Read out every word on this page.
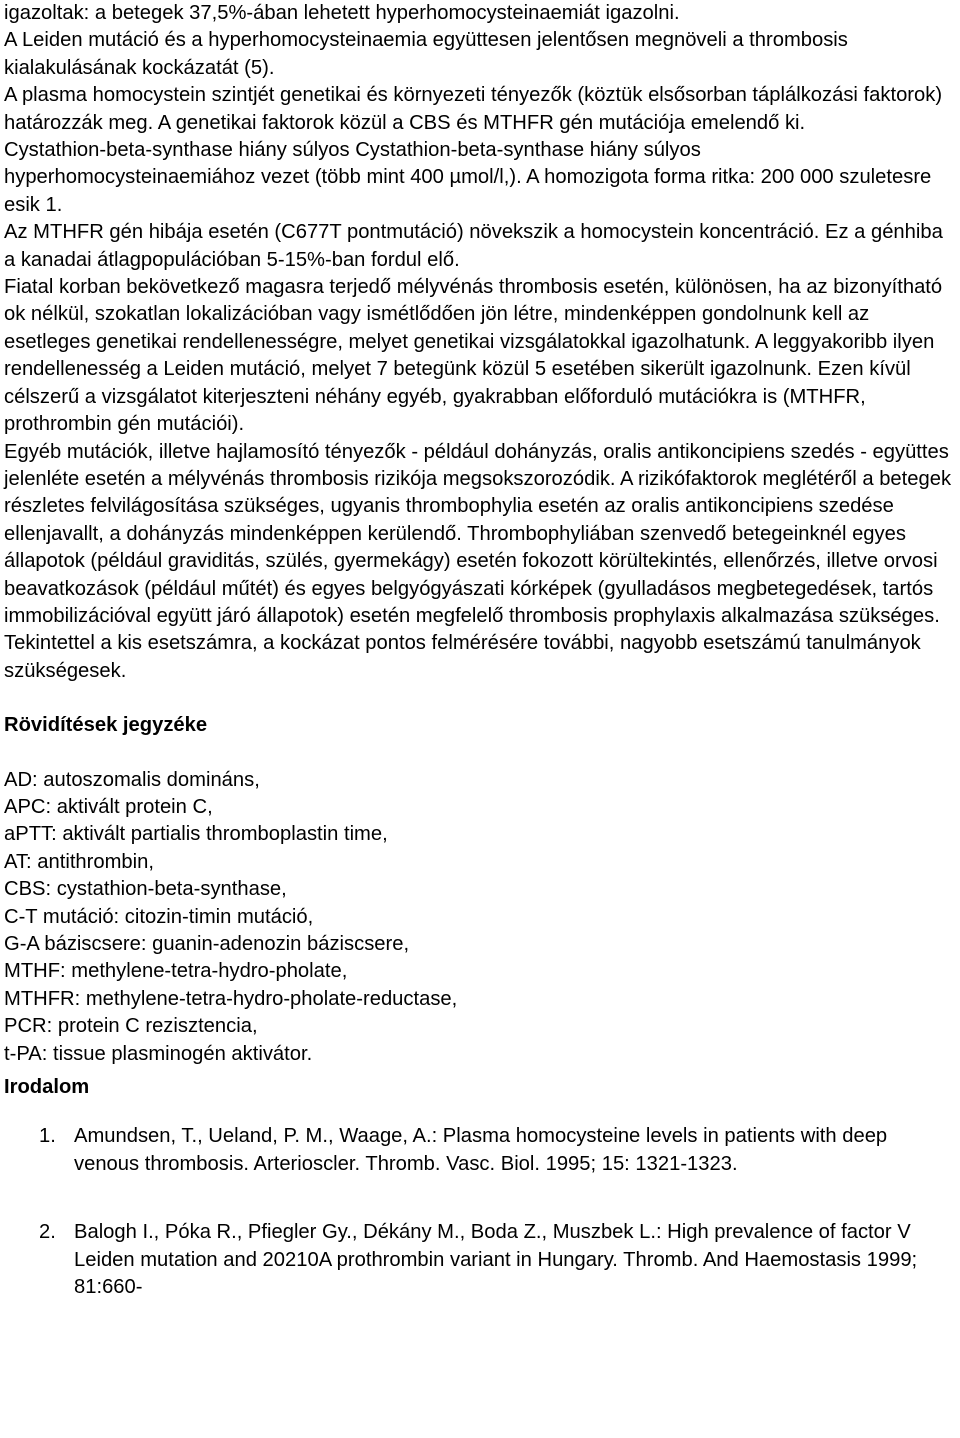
igazoltak: a betegek 37,5%-ában lehetett hyperhomocysteinaemiát igazolni.

A Leiden mutáció és a hyperhomocysteinaemia együttesen jelentősen megnöveli a thrombosis kialakulásának kockázatát (5).

A plasma homocystein szintjét genetikai és környezeti tényezők (köztük elsősorban táplálkozási faktorok) határozzák meg. A genetikai faktorok közül a CBS és MTHFR gén mutációja emelendő ki.

Cystathion-beta-synthase hiány súlyos Cystathion-beta-synthase hiány súlyos hyperhomocysteinaemiához vezet (több mint 400 µmol/l,). A homozigota forma ritka: 200 000 szuletesre esik 1.

Az MTHFR gén hibája esetén (C677T pontmutáció) növekszik a homocystein koncentráció. Ez a génhiba a kanadai átlagpopulációban 5-15%-ban fordul elő.

Fiatal korban bekövetkező magasra terjedő mélyvénás thrombosis esetén, különösen, ha az bizonyítható ok nélkül, szokatlan lokalizációban vagy ismétlődően jön létre, mindenképpen gondolnunk kell az esetleges genetikai rendellenességre, melyet genetikai vizsgálatokkal igazolhatunk. A leggyakoribb ilyen rendellenesség a Leiden mutáció, melyet 7 betegünk közül 5 esetében sikerült igazolnunk. Ezen kívül célszerű a vizsgálatot kiterjeszteni néhány egyéb, gyakrabban előforduló mutációkra is (MTHFR, prothrombin gén mutációi).

Egyéb mutációk, illetve hajlamosító tényezők - például dohányzás, oralis antikoncipiens szedés - együttes jelenléte esetén a mélyvénás thrombosis rizikója megsokszorozódik. A rizikófaktorok meglétéről a betegek részletes felvilágosítása szükséges, ugyanis thrombophylia esetén az oralis antikoncipiens szedése ellenjavallt, a dohányzás mindenképpen kerülendő. Thrombophyliában szenvedő betegeinknél egyes állapotok (például graviditás, szülés, gyermekágy) esetén fokozott körültekintés, ellenőrzés, illetve orvosi beavatkozások (például műtét) és egyes belgyógyászati kórképek (gyulladásos megbetegedések, tartós immobilizációval együtt járó állapotok) esetén megfelelő thrombosis prophylaxis alkalmazása szükséges.

Tekintettel a kis esetszámra, a kockázat pontos felmérésére további, nagyobb esetszámú tanulmányok szükségesek.

Rövidítések jegyzéke
AD: autoszomalis domináns,
APC: aktivált protein C,
aPTT: aktivált partialis thromboplastin time,
AT: antithrombin,
CBS: cystathion-beta-synthase,
C-T mutáció: citozin-timin mutáció,
G-A báziscsere: guanin-adenozin báziscsere,
MTHF: methylene-tetra-hydro-pholate,
MTHFR: methylene-tetra-hydro-pholate-reductase,
PCR: protein C rezisztencia,
t-PA: tissue plasminogén aktivátor.
Irodalom
1. Amundsen, T., Ueland, P. M., Waage, A.: Plasma homocysteine levels in patients with deep venous thrombosis. Arterioscler. Thromb. Vasc. Biol. 1995; 15: 1321-1323.
2. Balogh I., Póka R., Pfiegler Gy., Dékány M., Boda Z., Muszbek L.: High prevalence of factor V Leiden mutation and 20210A prothrombin variant in Hungary. Thromb. And Haemostasis 1999; 81:660-
